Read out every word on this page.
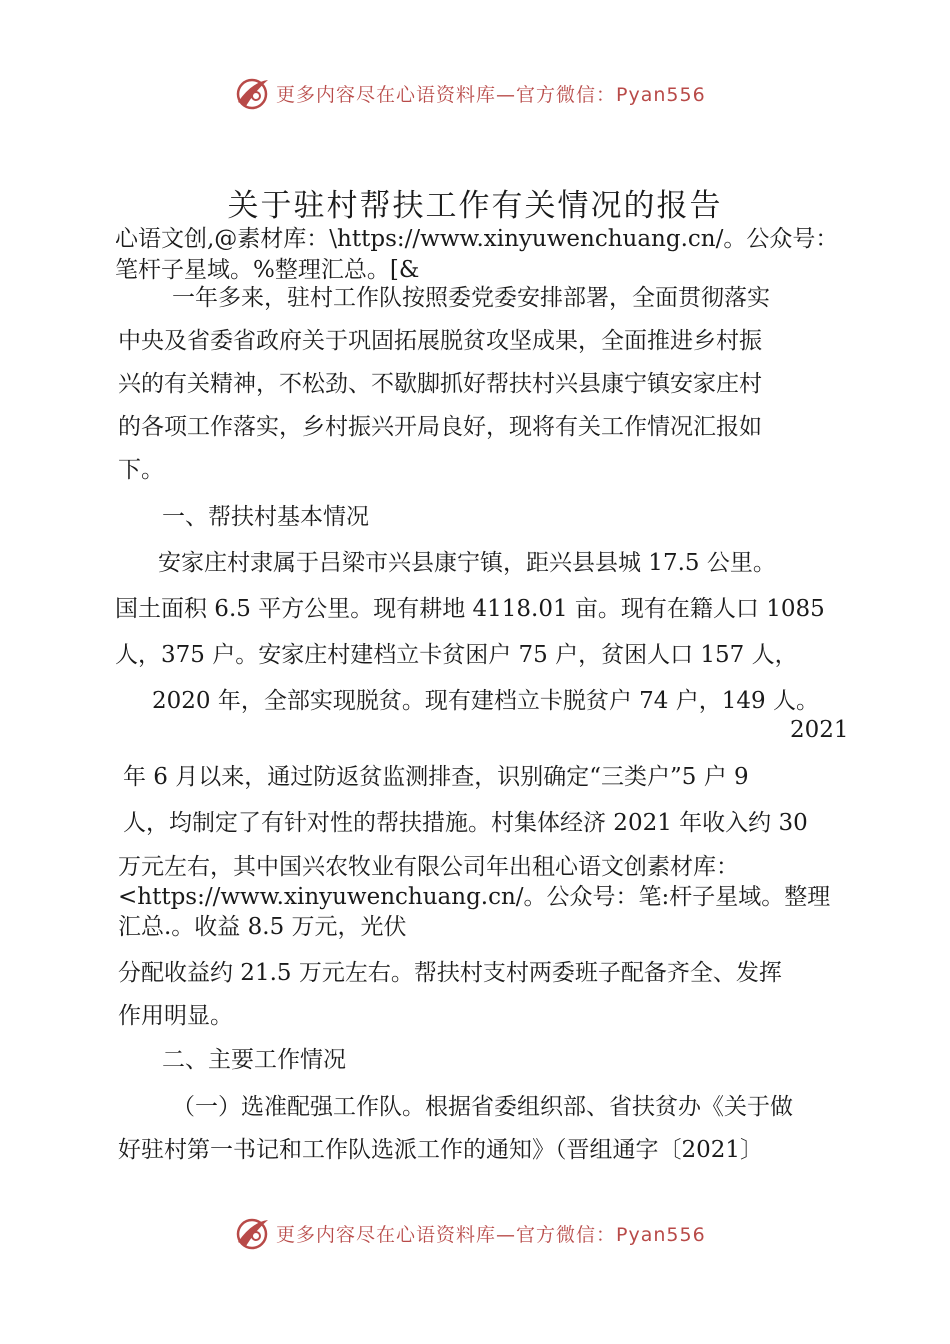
更多内容尽在心语资料库—官方微信：Pyan556
关于驻村帮扶工作有关情况的报告
心语文创,@素材库：\https://www.xinyuwenchuang.cn/。公众号：
笔杆子星域。%整理汇总。[&
一年多来，驻村工作队按照委党委安排部署，全面贯彻落实
中央及省委省政府关于巩固拓展脱贫攻坚成果，全面推进乡村振
兴的有关精神，不松劲、不歇脚抓好帮扶村兴县康宁镇安家庄村
的各项工作落实，乡村振兴开局良好，现将有关工作情况汇报如
下。
一、帮扶村基本情况
安家庄村隶属于吕梁市兴县康宁镇，距兴县县城 17.5 公里。
国土面积 6.5 平方公里。现有耕地 4118.01 亩。现有在籍人口 1085
人，375 户。安家庄村建档立卡贫困户 75 户，贫困人口 157 人，
2020 年，全部实现脱贫。现有建档立卡脱贫户 74 户，149 人。
2021
年 6 月以来，通过防返贫监测排查，识别确定“三类户”5 户 9
人，均制定了有针对性的帮扶措施。村集体经济 2021 年收入约 30
万元左右，其中国兴农牧业有限公司年出租心语文创素材库：
<https://www.xinyuwenchuang.cn/。公众号：笔:杆子星域。整理
汇总.。收益 8.5 万元，光伏
分配收益约 21.5 万元左右。帮扶村支村两委班子配备齐全、发挥
作用明显。
二、主要工作情况
（一）选准配强工作队。根据省委组织部、省扶贫办《关于做
好驻村第一书记和工作队选派工作的通知》（晋组通字〔2021〕
更多内容尽在心语资料库—官方微信：Pyan556
